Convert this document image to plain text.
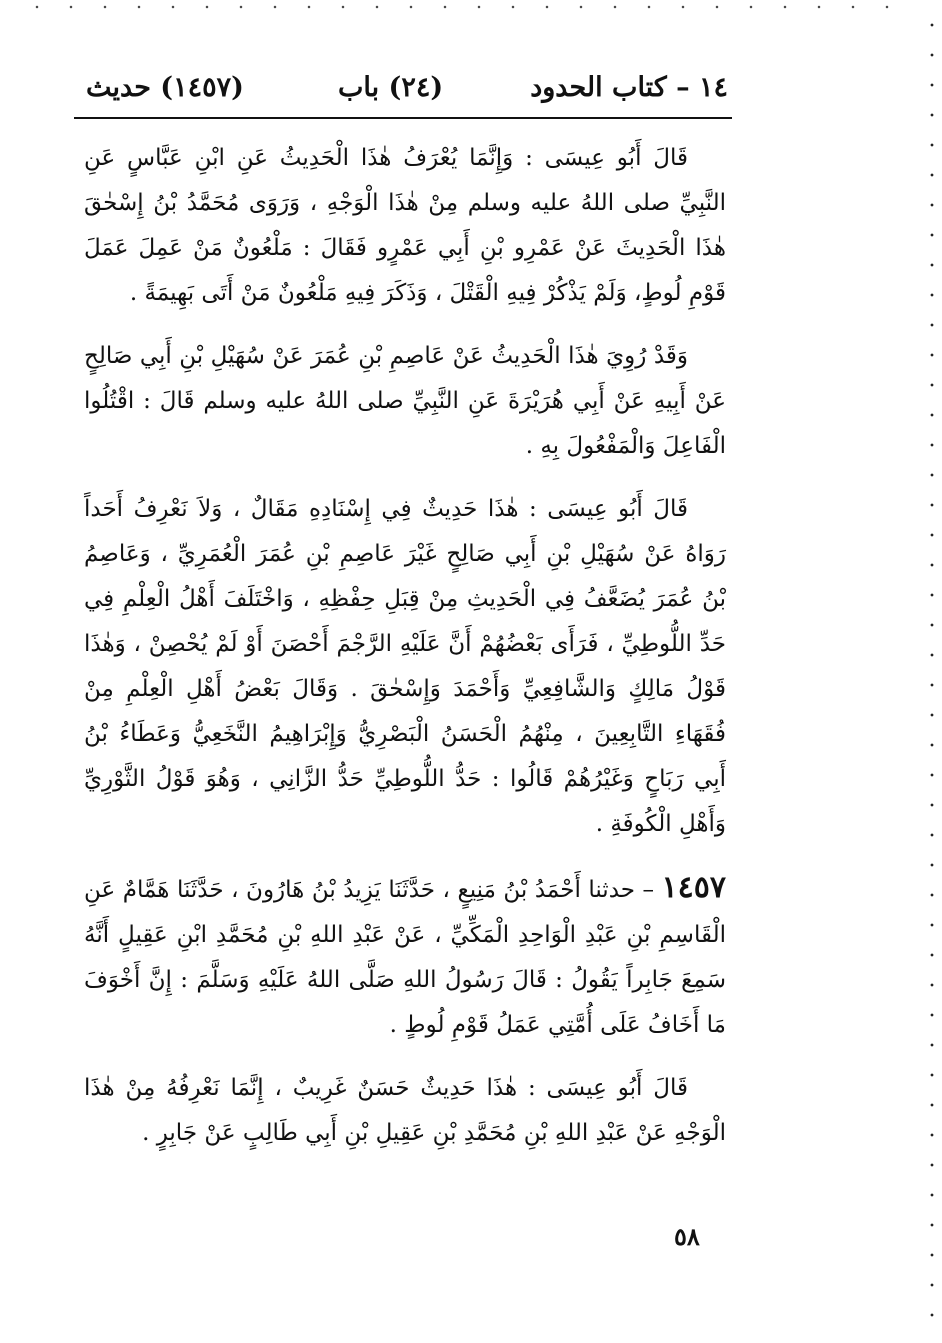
١٤ – كتاب الحدود
(٢٤) باب
(١٤٥٧) حديث

قَالَ أَبُو عِيسَى : وَإِنَّمَا يُعْرَفُ هٰذَا الْحَدِيثُ عَنِ ابْنِ عَبَّاسٍ عَنِ النَّبِيِّ صلى اللهُ عليه وسلم مِنْ هٰذَا الْوَجْهِ ، وَرَوَى مُحَمَّدُ بْنُ إِسْحٰقَ هٰذَا الْحَدِيثَ عَنْ عَمْرِو بْنِ أَبِي عَمْرٍو فَقَالَ : مَلْعُونٌ مَنْ عَمِلَ عَمَلَ قَوْمِ لُوطٍ، وَلَمْ يَذْكُرْ فِيهِ الْقَتْلَ ، وَذَكَرَ فِيهِ مَلْعُونٌ مَنْ أَتَى بَهِيمَةً .

وَقَدْ رُوِيَ هٰذَا الْحَدِيثُ عَنْ عَاصِمِ بْنِ عُمَرَ عَنْ سُهَيْلِ بْنِ أَبِي صَالِحٍ عَنْ أَبِيهِ عَنْ أَبِي هُرَيْرَةَ عَنِ النَّبِيِّ صلى اللهُ عليه وسلم قَالَ : اقْتُلُوا الْفَاعِلَ وَالْمَفْعُولَ بِهِ .

قَالَ أَبُو عِيسَى : هٰذَا حَدِيثٌ فِي إِسْنَادِهِ مَقَالٌ ، وَلاَ نَعْرِفُ أَحَداً رَوَاهُ عَنْ سُهَيْلِ بْنِ أَبِي صَالِحٍ غَيْرَ عَاصِمِ بْنِ عُمَرَ الْعُمَرِيِّ ، وَعَاصِمُ بْنُ عُمَرَ يُضَعَّفُ فِي الْحَدِيثِ مِنْ قِبَلِ حِفْظِهِ ، وَاخْتَلَفَ أَهْلُ الْعِلْمِ فِي حَدِّ اللُّوطِيِّ ، فَرَأَى بَعْضُهُمْ أَنَّ عَلَيْهِ الرَّجْمَ أَحْصَنَ أَوْ لَمْ يُحْصِنْ ، وَهٰذَا قَوْلُ مَالِكٍ وَالشَّافِعِيِّ وَأَحْمَدَ وَإِسْحٰقَ . وَقَالَ بَعْضُ أَهْلِ الْعِلْمِ مِنْ فُقَهَاءِ التَّابِعِينَ ، مِنْهُمُ الْحَسَنُ الْبَصْرِيُّ وَإِبْرَاهِيمُ النَّخَعِيُّ وَعَطَاءُ بْنُ أَبِي رَبَاحٍ وَغَيْرُهُمْ قَالُوا : حَدُّ اللُّوطِيِّ حَدُّ الزَّانِي ، وَهُوَ قَوْلُ الثَّوْرِيِّ وَأَهْلِ الْكُوفَةِ .

١٤٥٧ – حدثنا أَحْمَدُ بْنُ مَنِيعٍ ، حَدَّثَنَا يَزِيدُ بْنُ هَارُونَ ، حَدَّثَنَا هَمَّامٌ عَنِ الْقَاسِمِ بْنِ عَبْدِ الْوَاحِدِ الْمَكِّيِّ ، عَنْ عَبْدِ اللهِ بْنِ مُحَمَّدِ ابْنِ عَقِيلٍ أَنَّهُ سَمِعَ جَابِراً يَقُولُ : قَالَ رَسُولُ اللهِ صَلَّى اللهُ عَلَيْهِ وَسَلَّمَ : إِنَّ أَخْوَفَ مَا أَخَافُ عَلَى أُمَّتِي عَمَلُ قَوْمِ لُوطٍ .

قَالَ أَبُو عِيسَى : هٰذَا حَدِيثٌ حَسَنٌ غَرِيبٌ ، إِنَّمَا نَعْرِفُهُ مِنْ هٰذَا الْوَجْهِ عَنْ عَبْدِ اللهِ بْنِ مُحَمَّدِ بْنِ عَقِيلِ بْنِ أَبِي طَالِبٍ عَنْ جَابِرٍ .

٥٨
